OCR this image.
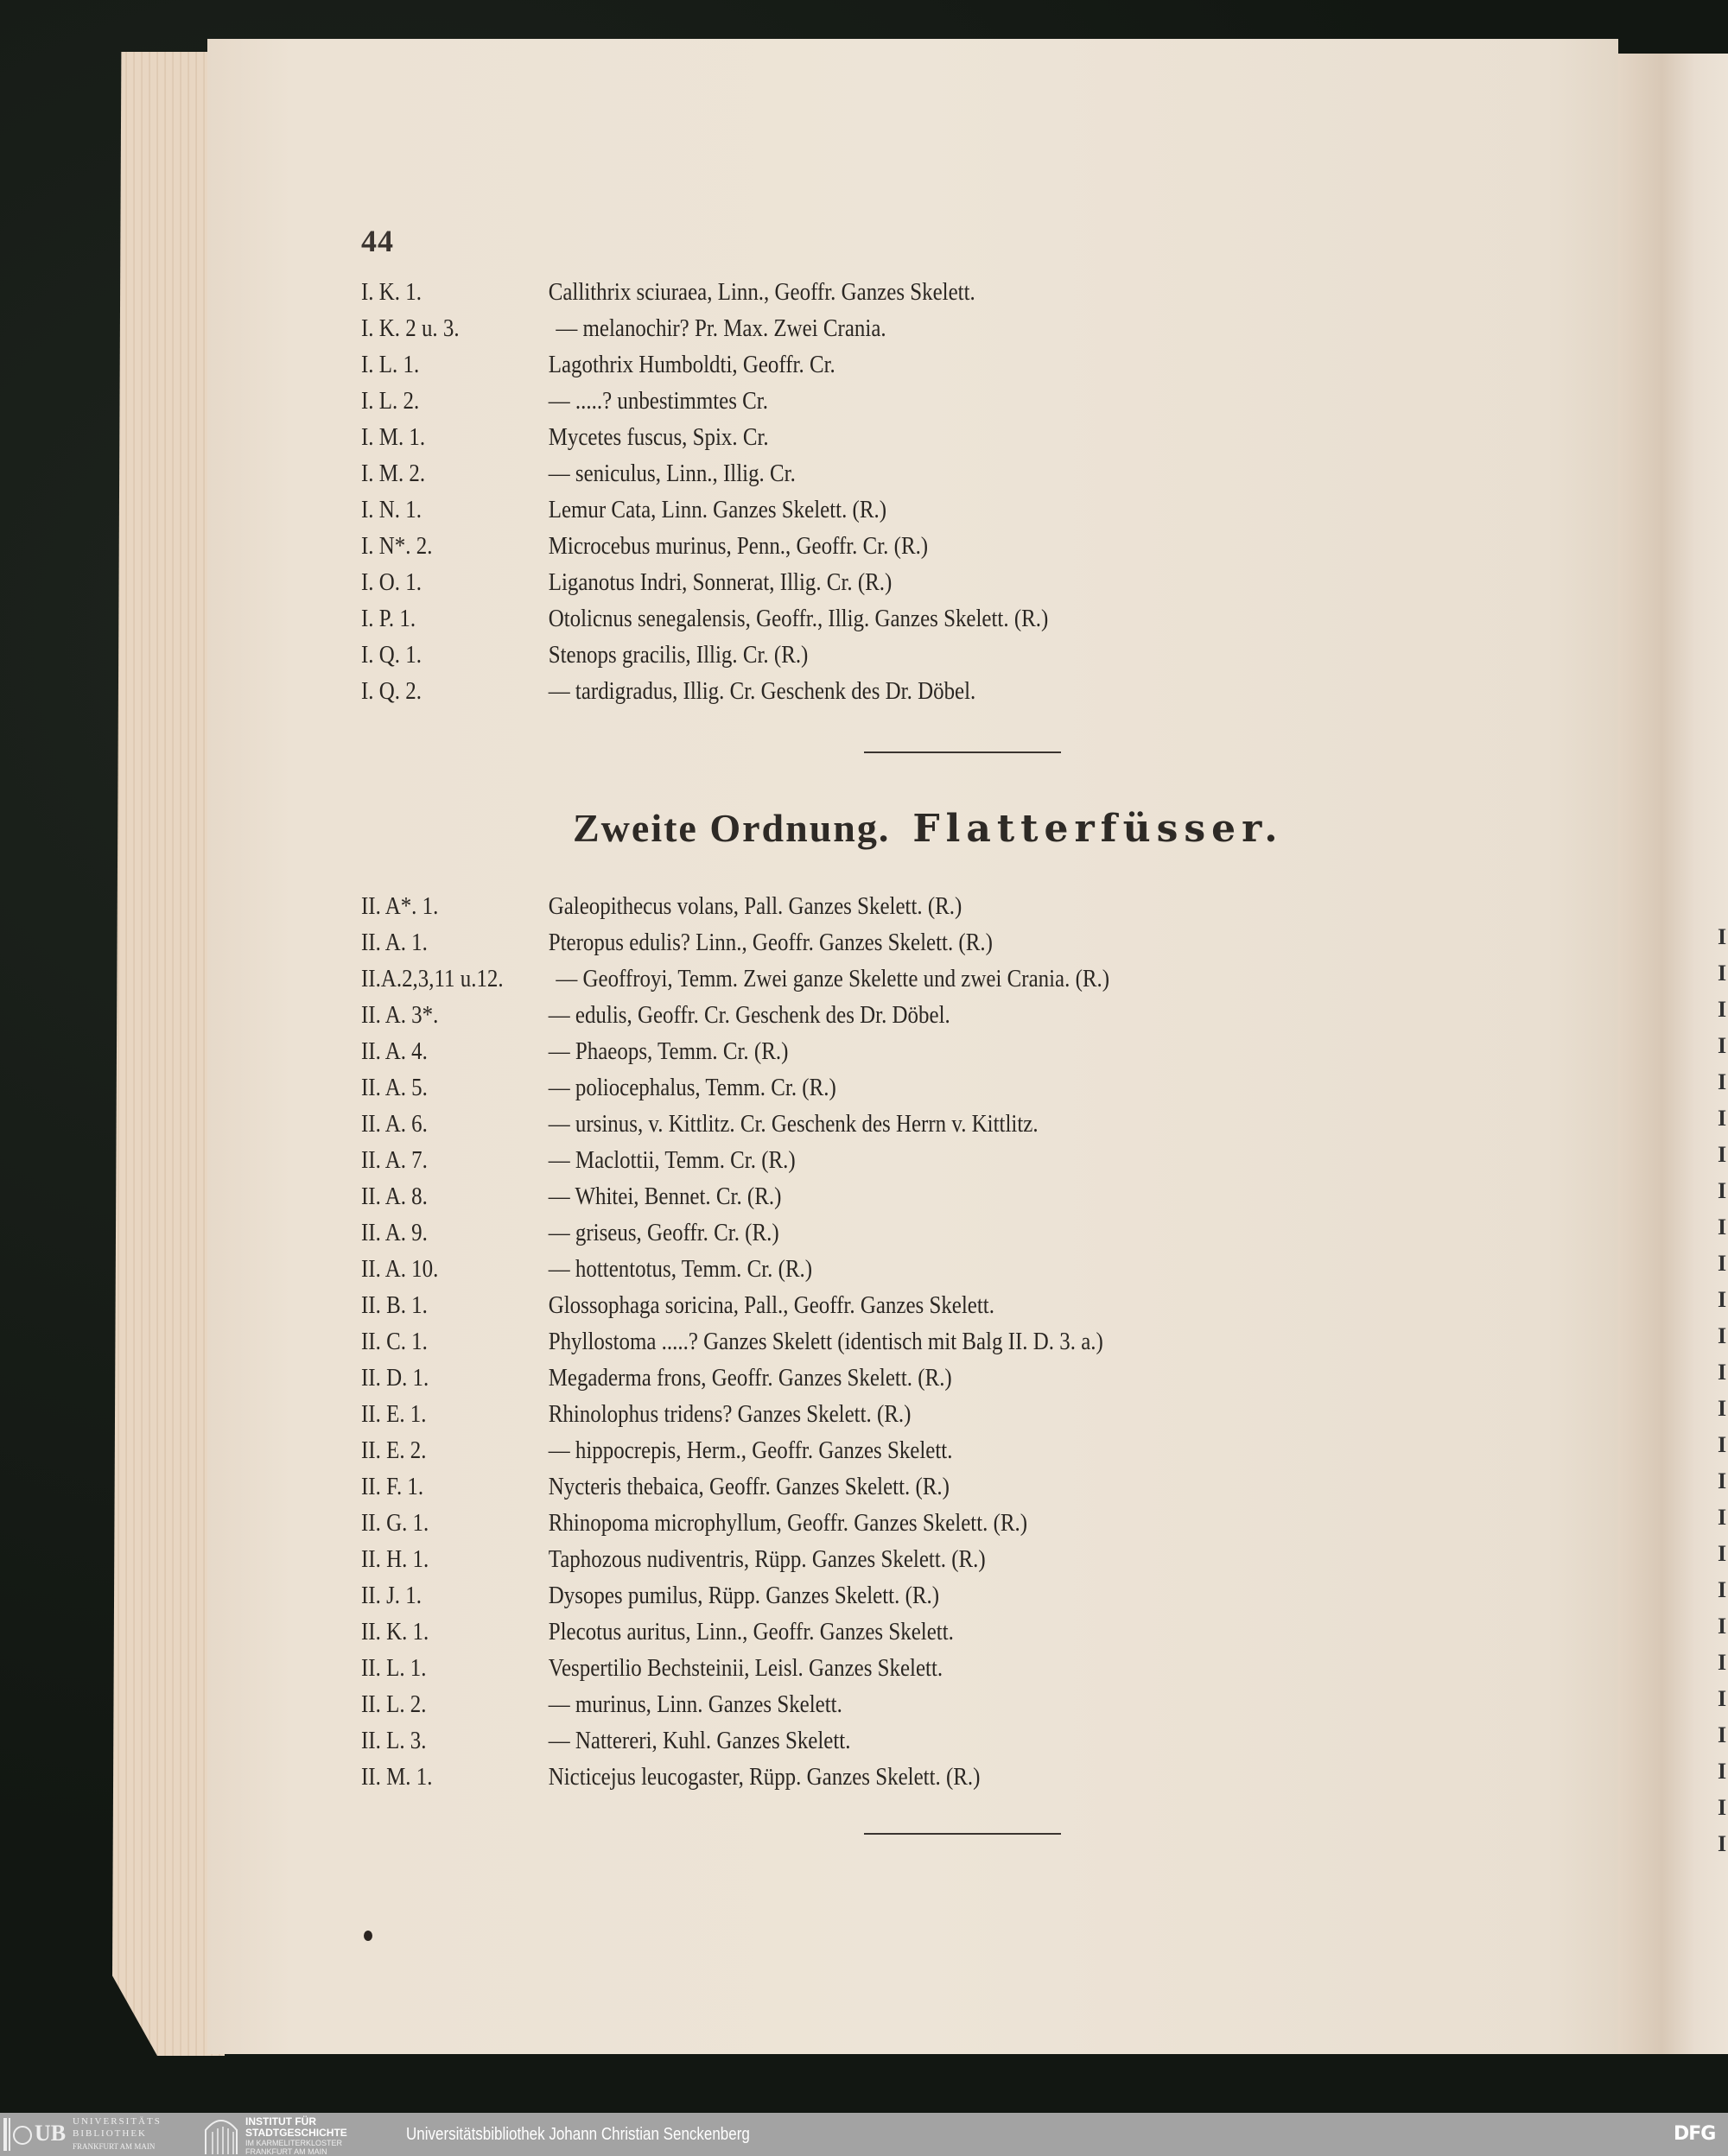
I
I
I
I
I
I
I
I
I
I
I
I
I
I
I
I
I
I
I
I
I
I
I
I
I
I
44
I. K. 1.	Callithrix sciuraea, Linn., Geoffr. Ganzes Skelett.
I. K. 2 u. 3.	— melanochir? Pr. Max. Zwei Crania.
I. L. 1.	Lagothrix Humboldti, Geoffr. Cr.
I. L. 2.	— .....? unbestimmtes Cr.
I. M. 1.	Mycetes fuscus, Spix. Cr.
I. M. 2.	— seniculus, Linn., Illig. Cr.
I. N. 1.	Lemur Cata, Linn. Ganzes Skelett. (R.)
I. N*. 2.	Microcebus murinus, Penn., Geoffr. Cr. (R.)
I. O. 1.	Liganotus Indri, Sonnerat, Illig. Cr. (R.)
I. P. 1.	Otolicnus senegalensis, Geoffr., Illig. Ganzes Skelett. (R.)
I. Q. 1.	Stenops gracilis, Illig. Cr. (R.)
I. Q. 2.	— tardigradus, Illig. Cr. Geschenk des Dr. Döbel.
Zweite Ordnung. Flatterfüsser.
II. A*. 1.	Galeopithecus volans, Pall. Ganzes Skelett. (R.)
II. A. 1.	Pteropus edulis? Linn., Geoffr. Ganzes Skelett. (R.)
II.A.2,3,11 u.12. — Geoffroyi, Temm. Zwei ganze Skelette und zwei Crania. (R.)
II. A. 3*.	— edulis, Geoffr. Cr. Geschenk des Dr. Döbel.
II. A. 4.	— Phaeops, Temm. Cr. (R.)
II. A. 5.	— poliocephalus, Temm. Cr. (R.)
II. A. 6.	— ursinus, v. Kittlitz. Cr. Geschenk des Herrn v. Kittlitz.
II. A. 7.	— Maclottii, Temm. Cr. (R.)
II. A. 8.	— Whitei, Bennet. Cr. (R.)
II. A. 9.	— griseus, Geoffr. Cr. (R.)
II. A. 10.	— hottentotus, Temm. Cr. (R.)
II. B. 1.	Glossophaga soricina, Pall., Geoffr. Ganzes Skelett.
II. C. 1.	Phyllostoma .....? Ganzes Skelett (identisch mit Balg II. D. 3. a.)
II. D. 1.	Megaderma frons, Geoffr. Ganzes Skelett. (R.)
II. E. 1.	Rhinolophus tridens? Ganzes Skelett. (R.)
II. E. 2.	— hippocrepis, Herm., Geoffr. Ganzes Skelett.
II. F. 1.	Nycteris thebaica, Geoffr. Ganzes Skelett. (R.)
II. G. 1.	Rhinopoma microphyllum, Geoffr. Ganzes Skelett. (R.)
II. H. 1.	Taphozous nudiventris, Rüpp. Ganzes Skelett. (R.)
II. J. 1.	Dysopes pumilus, Rüpp. Ganzes Skelett. (R.)
II. K. 1.	Plecotus auritus, Linn., Geoffr. Ganzes Skelett.
II. L. 1.	Vespertilio Bechsteinii, Leisl. Ganzes Skelett.
II. L. 2.	— murinus, Linn. Ganzes Skelett.
II. L. 3.	— Nattereri, Kuhl. Ganzes Skelett.
II. M. 1.	Nicticejus leucogaster, Rüpp. Ganzes Skelett. (R.)
UB UNIVERSITÄTS
BIBLIOTHEK
FRANKFURT AM MAIN
INSTITUT FÜR
STADTGESCHICHTE
IM KARMELITERKLOSTER
FRANKFURT AM MAIN
Universitätsbibliothek Johann Christian Senckenberg	DFG
